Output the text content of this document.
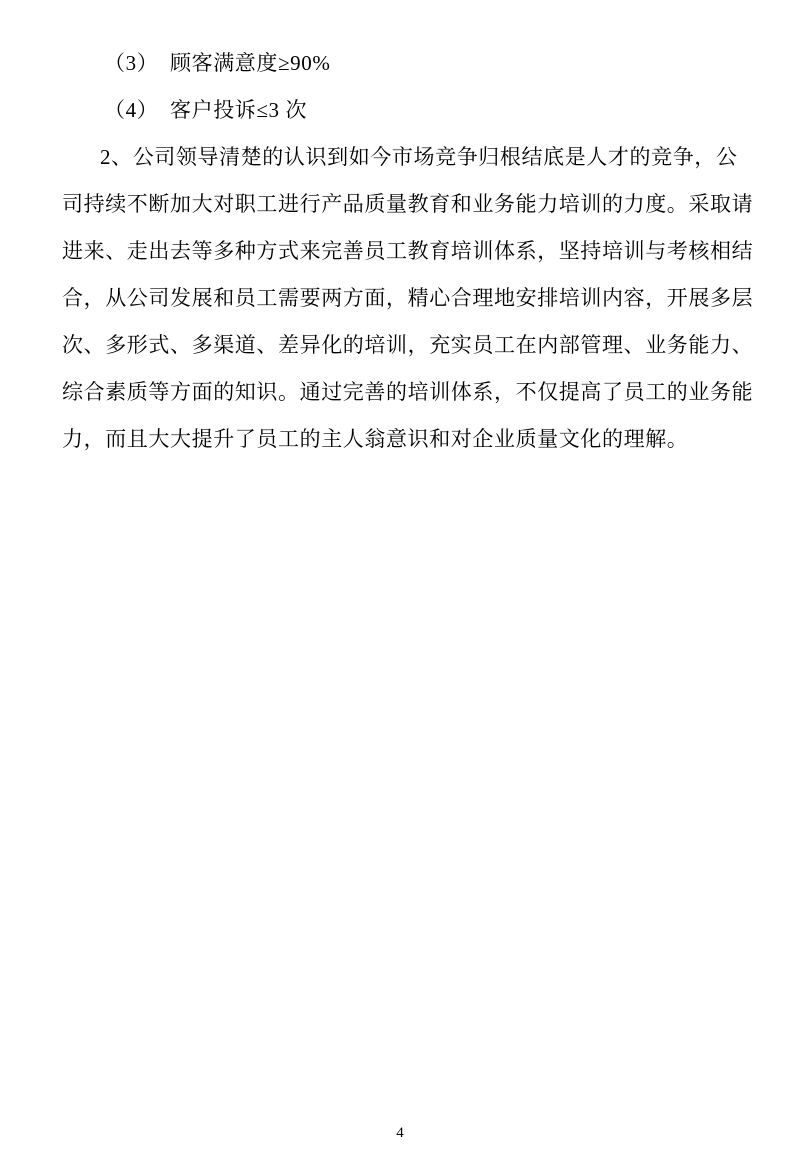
（3）  顾客满意度≥90%
（4）  客户投诉≤3 次
2、公司领导清楚的认识到如今市场竞争归根结底是人才的竞争，公
司持续不断加大对职工进行产品质量教育和业务能力培训的力度。采取请
进来、走出去等多种方式来完善员工教育培训体系，坚持培训与考核相结
合，从公司发展和员工需要两方面，精心合理地安排培训内容，开展多层
次、多形式、多渠道、差异化的培训，充实员工在内部管理、业务能力、
综合素质等方面的知识。通过完善的培训体系，不仅提高了员工的业务能
力，而且大大提升了员工的主人翁意识和对企业质量文化的理解。
4
